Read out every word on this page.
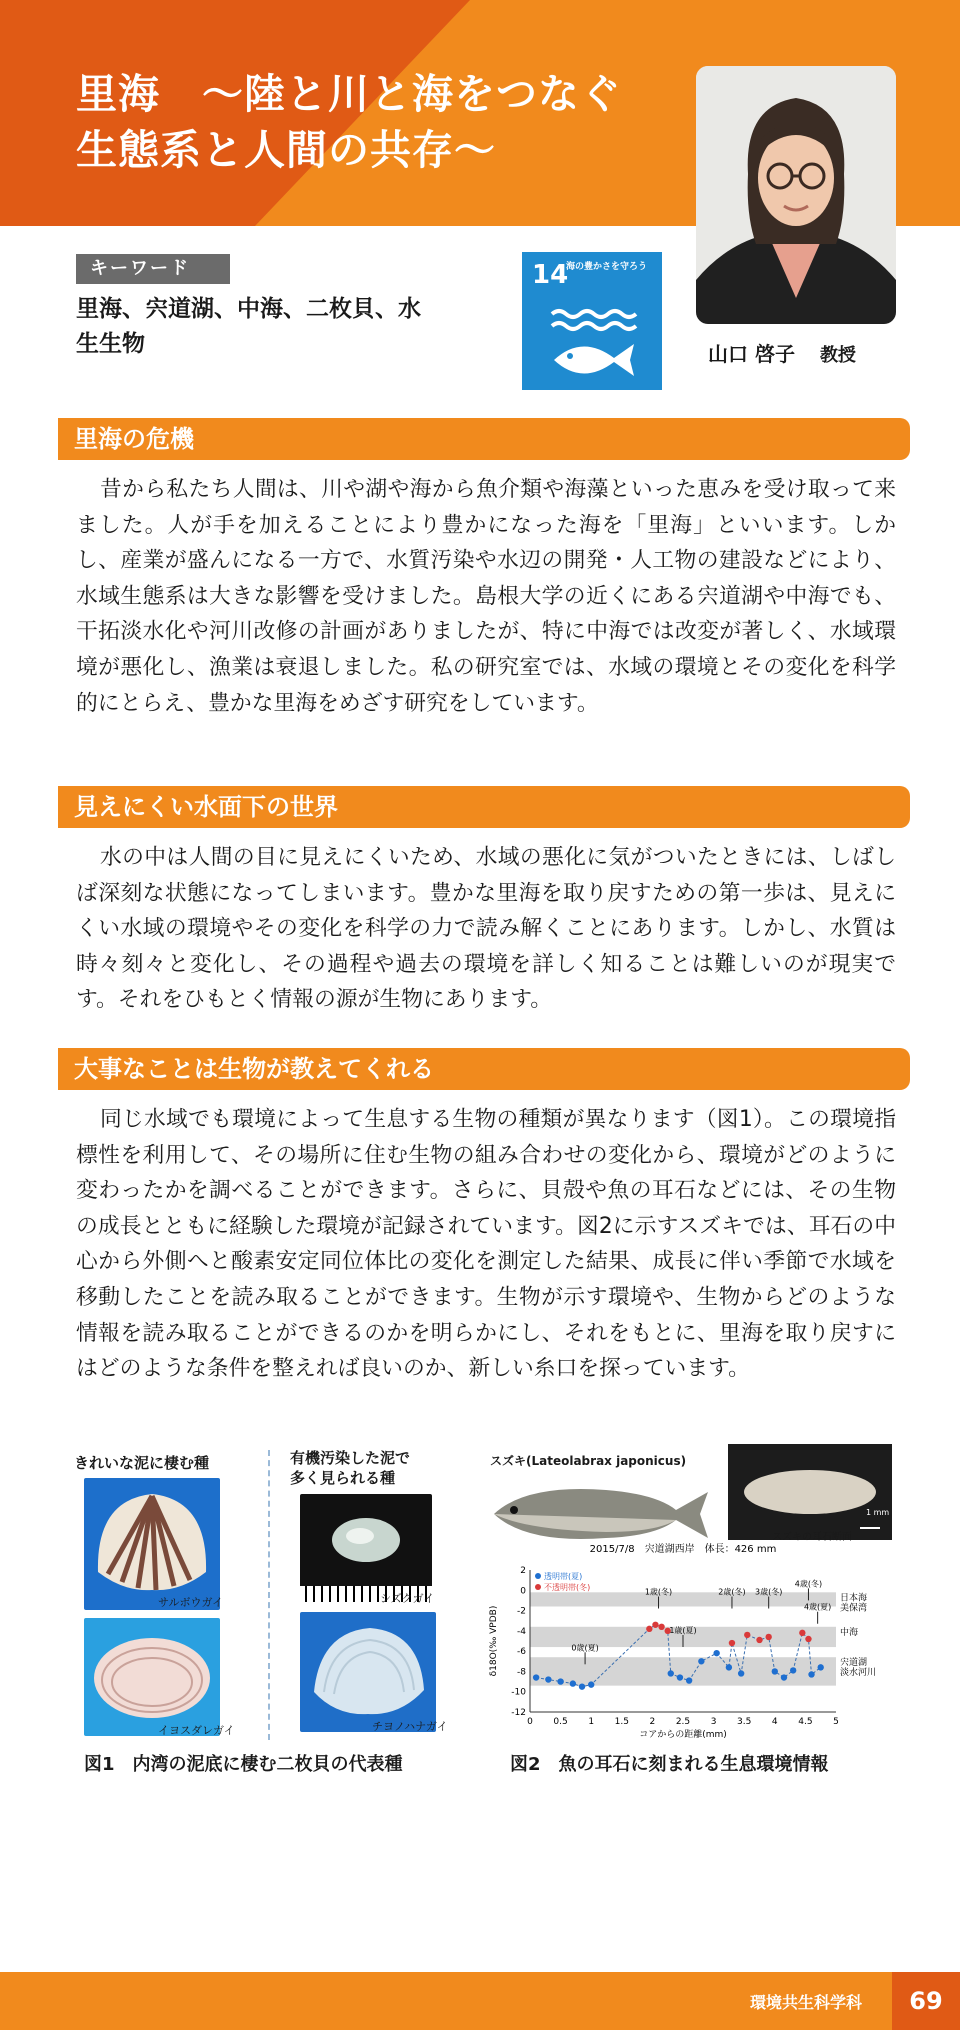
里海　～陸と川と海をつなぐ
生態系と人間の共存～
山口 啓子 教授
キーワード
里海、宍道湖、中海、二枚貝、水生生物
14
海の豊かさを守ろう
里海の危機

昔から私たち人間は、川や湖や海から魚介類や海藻といった恵みを受け取って来ました。人が手を加えることにより豊かになった海を「里海」といいます。しかし、産業が盛んになる一方で、水質汚染や水辺の開発・人工物の建設などにより、水域生態系は大きな影響を受けました。島根大学の近くにある宍道湖や中海でも、干拓淡水化や河川改修の計画がありましたが、特に中海では改変が著しく、水域環境が悪化し、漁業は衰退しました。私の研究室では、水域の環境とその変化を科学的にとらえ、豊かな里海をめざす研究をしています。

見えにくい水面下の世界

水の中は人間の目に見えにくいため、水域の悪化に気がついたときには、しばしば深刻な状態になってしまいます。豊かな里海を取り戻すための第一歩は、見えにくい水域の環境やその変化を科学の力で読み解くことにあります。しかし、水質は時々刻々と変化し、その過程や過去の環境を詳しく知ることは難しいのが現実です。それをひもとく情報の源が生物にあります。

大事なことは生物が教えてくれる

同じ水域でも環境によって生息する生物の種類が異なります（図1）。この環境指標性を利用して、その場所に住む生物の組み合わせの変化から、環境がどのように変わったかを調べることができます。さらに、貝殻や魚の耳石などには、その生物の成長とともに経験した環境が記録されています。図2に示すスズキでは、耳石の中心から外側へと酸素安定同位体比の変化を測定した結果、成長に伴い季節で水域を移動したことを読み取ることができます。生物が示す環境や、生物からどのような情報を読み取ることができるのかを明らかにし、それをもとに、里海を取り戻すにはどのような条件を整えれば良いのか、新しい糸口を探っています。

きれいな泥に棲む種	有機汚染した泥で
多く見られる種
サルボウガイ
イヨスダレガイ
シズクガイ
チヨノハナガイ
図1　内湾の泥底に棲む二枚貝の代表種
スズキ(Lateolabrax japonicus)
スズキの耳石断面
1 mm
2015/7/8　宍道湖西岸　体長：426 mm
日本海
美保湾
中海
宍道湖
淡水河川
2
0
-2
-4
-6
-8
-10
-12
0 0.5 1 1.5 2 2.5 3 3.5 4 4.5 5
コアからの距離(mm)
δ18O(‰ VPDB)
透明帯(夏)
不透明帯(冬)
0歳(夏)
1歳(冬)
1歳(夏)
2歳(冬) 3歳(冬)
4歳(冬)
4歳(夏)
図2　魚の耳石に刻まれる生息環境情報
環境共生科学科	69
